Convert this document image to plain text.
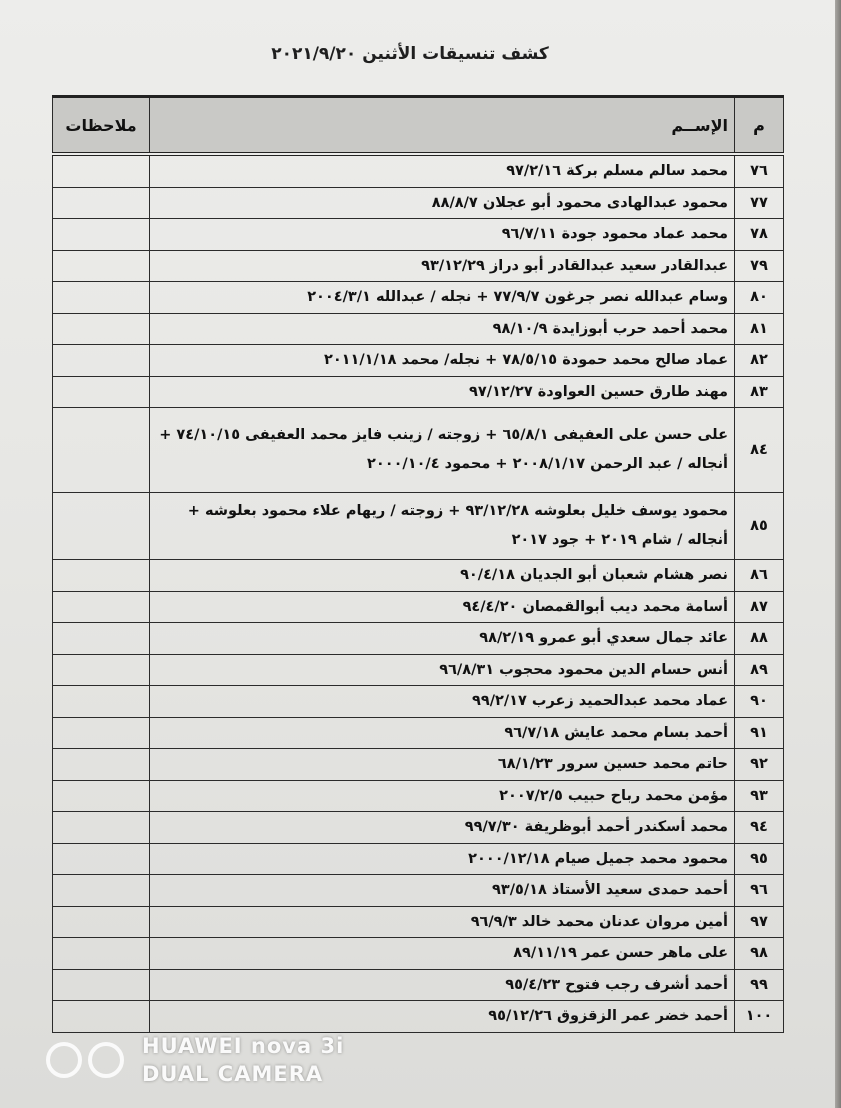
كشف تنسيقات الأثنين ٢٠٢١/٩/٢٠
م	الإســم	ملاحظات
٧٦	محمد سالم مسلم بركة ٩٧/٢/١٦	
٧٧	محمود عبدالهادى محمود أبو عجلان ٨٨/٨/٧	
٧٨	محمد عماد محمود جودة ٩٦/٧/١١	
٧٩	عبدالقادر سعيد عبدالقادر أبو دراز ٩٣/١٢/٢٩	
٨٠	وسام عبدالله نصر جرغون ٧٧/٩/٧ + نجله / عبدالله ٢٠٠٤/٣/١	
٨١	محمد أحمد حرب أبوزايدة ٩٨/١٠/٩	
٨٢	عماد صالح محمد حمودة ٧٨/٥/١٥ + نجله/ محمد ٢٠١١/١/١٨	
٨٣	مهند طارق حسين العواودة ٩٧/١٢/٢٧	
٨٤	على حسن على العفيفى ٦٥/٨/١ + زوجته / زينب فايز محمد العفيفى ٧٤/١٠/١٥ + أنجاله / عبد الرحمن ٢٠٠٨/١/١٧ + محمود ٢٠٠٠/١٠/٤	
٨٥	محمود يوسف خليل بعلوشه ٩٣/١٢/٢٨ + زوجته / ريهام علاء محمود بعلوشه + أنجاله / شام ٢٠١٩ + جود ٢٠١٧	
٨٦	نصر هشام شعبان أبو الجديان ٩٠/٤/١٨	
٨٧	أسامة محمد ديب أبوالقمصان ٩٤/٤/٢٠	
٨٨	عائد جمال سعدي أبو عمرو ٩٨/٢/١٩	
٨٩	أنس حسام الدين محمود محجوب ٩٦/٨/٣١	
٩٠	عماد محمد عبدالحميد زعرب ٩٩/٢/١٧	
٩١	أحمد بسام محمد عايش ٩٦/٧/١٨	
٩٢	حاتم محمد حسين سرور ٦٨/١/٢٣	
٩٣	مؤمن محمد رباح حبيب ٢٠٠٧/٢/٥	
٩٤	محمد أسكندر أحمد أبوظريفة ٩٩/٧/٣٠	
٩٥	محمود محمد جميل صيام ٢٠٠٠/١٢/١٨	
٩٦	أحمد حمدى سعيد الأستاذ ٩٣/٥/١٨	
٩٧	أمين مروان عدنان محمد خالد ٩٦/٩/٣	
٩٨	على ماهر حسن عمر ٨٩/١١/١٩	
٩٩	أحمد أشرف رجب فتوح ٩٥/٤/٢٣	
١٠٠	أحمد خضر عمر الزقزوق ٩٥/١٢/٢٦	
HUAWEI nova 3i
DUAL CAMERA
